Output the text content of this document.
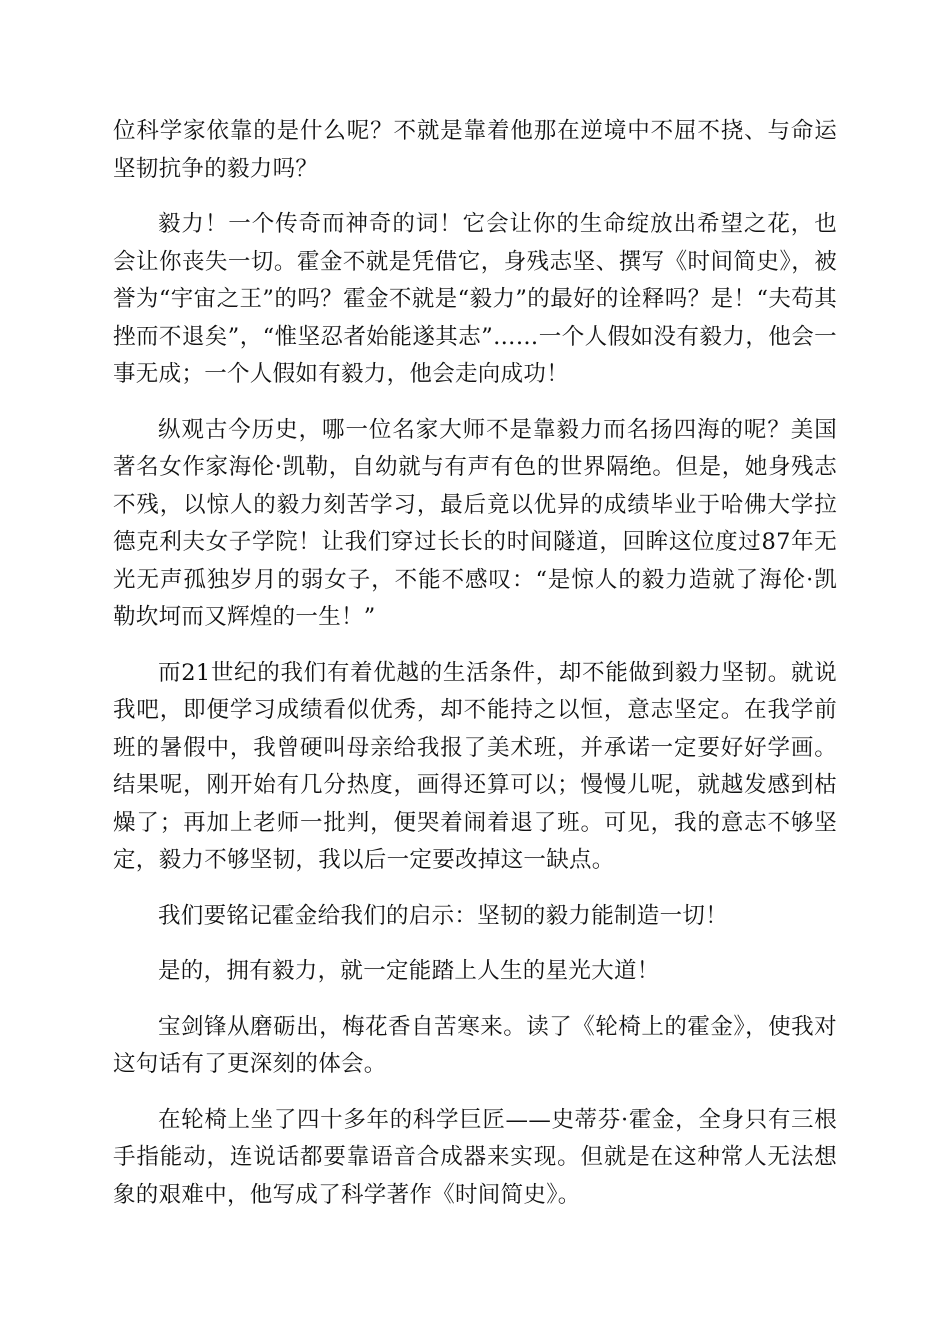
位科学家依靠的是什么呢？不就是靠着他那在逆境中不屈不挠、与命运坚韧抗争的毅力吗？

毅力！一个传奇而神奇的词！它会让你的生命绽放出希望之花，也会让你丧失一切。霍金不就是凭借它，身残志坚、撰写《时间简史》，被誉为“宇宙之王”的吗？霍金不就是“毅力”的最好的诠释吗？是！“夫苟其挫而不退矣”，“惟坚忍者始能遂其志”……一个人假如没有毅力，他会一事无成；一个人假如有毅力，他会走向成功！

纵观古今历史，哪一位名家大师不是靠毅力而名扬四海的呢？美国著名女作家海伦·凯勒，自幼就与有声有色的世界隔绝。但是，她身残志不残，以惊人的毅力刻苦学习，最后竟以优异的成绩毕业于哈佛大学拉德克利夫女子学院！让我们穿过长长的时间隧道，回眸这位度过87年无光无声孤独岁月的弱女子，不能不感叹：“是惊人的毅力造就了海伦·凯勒坎坷而又辉煌的一生！”

而21世纪的我们有着优越的生活条件，却不能做到毅力坚韧。就说我吧，即便学习成绩看似优秀，却不能持之以恒，意志坚定。在我学前班的暑假中，我曾硬叫母亲给我报了美术班，并承诺一定要好好学画。结果呢，刚开始有几分热度，画得还算可以；慢慢儿呢，就越发感到枯燥了；再加上老师一批判，便哭着闹着退了班。可见，我的意志不够坚定，毅力不够坚韧，我以后一定要改掉这一缺点。

我们要铭记霍金给我们的启示：坚韧的毅力能制造一切！

是的，拥有毅力，就一定能踏上人生的星光大道！

宝剑锋从磨砺出，梅花香自苦寒来。读了《轮椅上的霍金》，使我对这句话有了更深刻的体会。

在轮椅上坐了四十多年的科学巨匠——史蒂芬·霍金，全身只有三根手指能动，连说话都要靠语音合成器来实现。但就是在这种常人无法想象的艰难中，他写成了科学著作《时间简史》。
